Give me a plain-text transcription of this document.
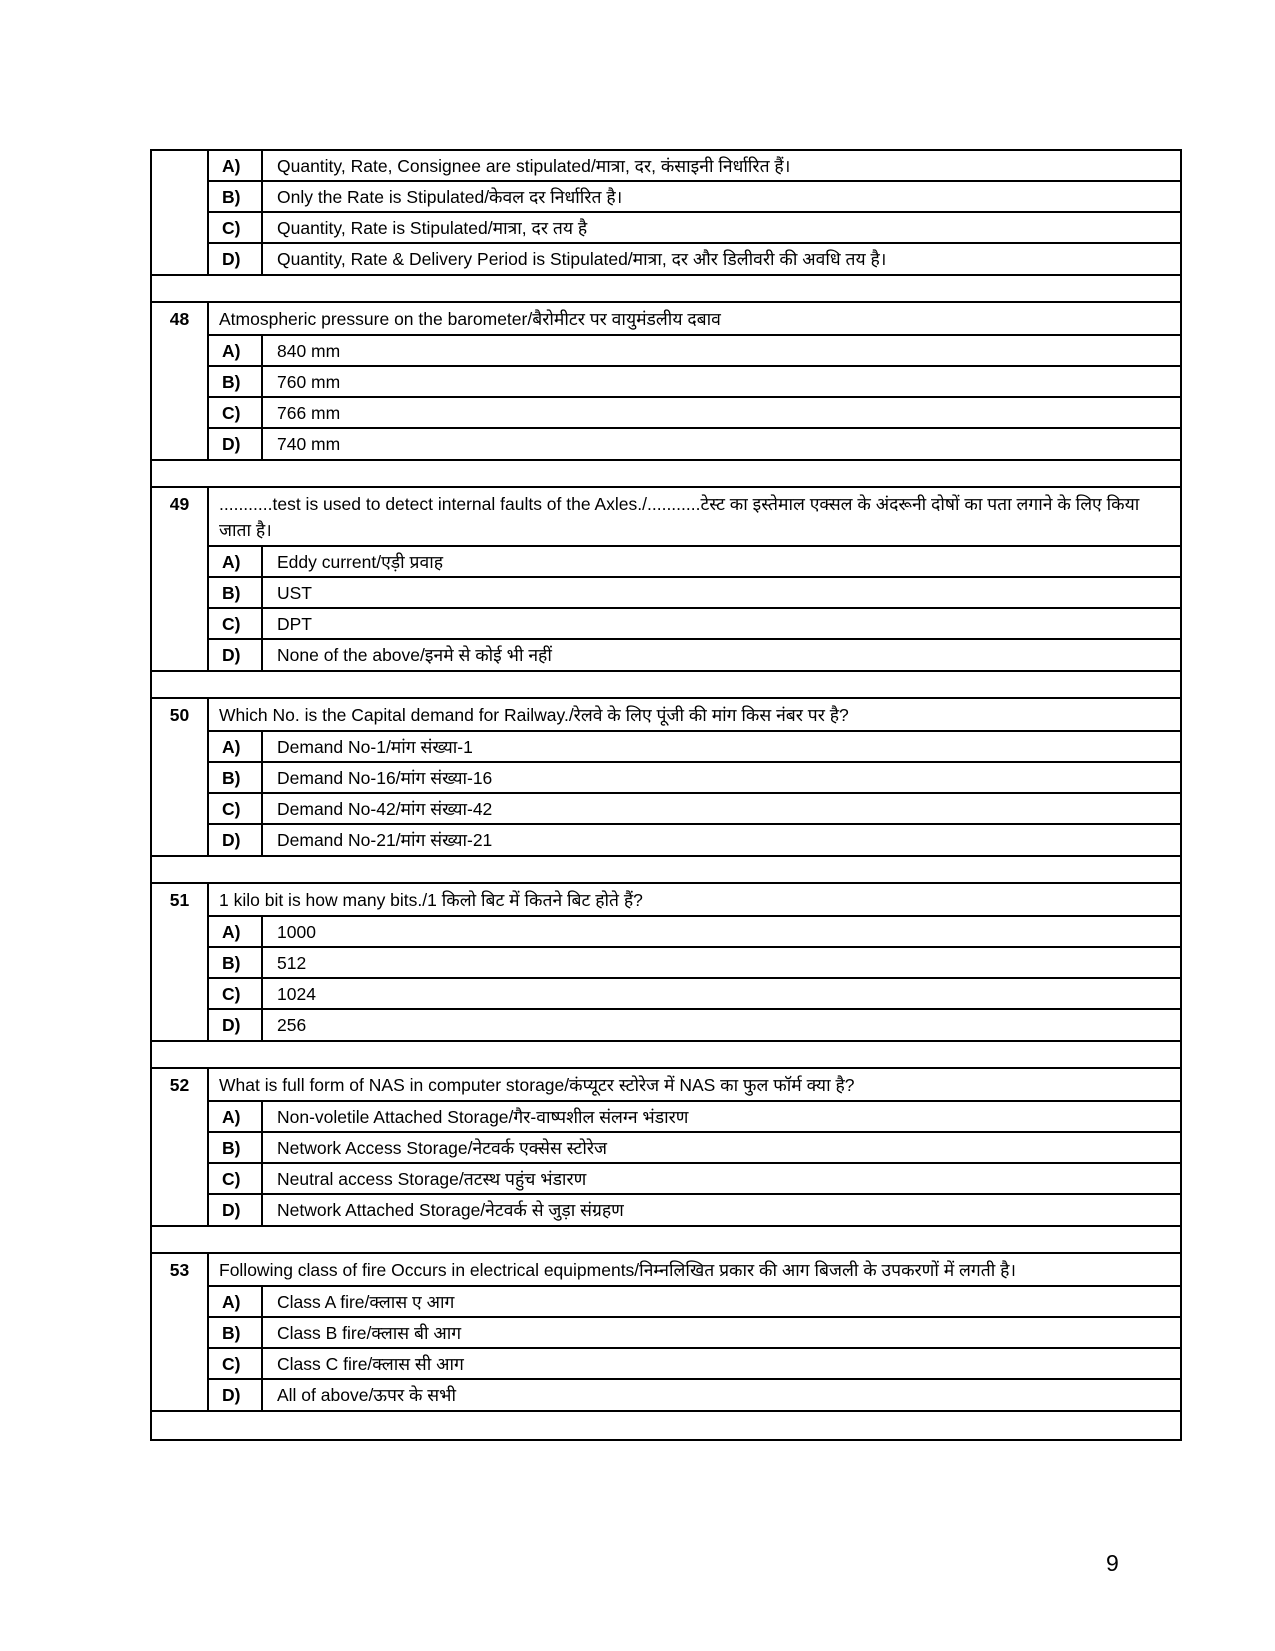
A)	Quantity, Rate, Consignee are stipulated/मात्रा, दर, कंसाइनी निर्धारित हैं।
B)	Only the Rate is Stipulated/केवल दर निर्धारित है।
C)	Quantity, Rate is Stipulated/मात्रा, दर तय है
D)	Quantity, Rate & Delivery Period is Stipulated/मात्रा, दर और डिलीवरी की अवधि तय है।
48	Atmospheric pressure on the barometer/बैरोमीटर पर वायुमंडलीय दबाव
A)	840 mm
B)	760 mm
C)	766 mm
D)	740 mm
49	...........test is used to detect internal faults of the Axles./...........टेस्ट का इस्तेमाल एक्सल के अंदरूनी दोषों का पता लगाने के लिए किया जाता है।
A)	Eddy current/एड़ी प्रवाह
B)	UST
C)	DPT
D)	None of the above/इनमे से कोई भी नहीं
50	Which No. is the Capital demand for Railway./रेलवे के लिए पूंजी की मांग किस नंबर पर है?
A)	Demand No-1/मांग संख्या-1
B)	Demand No-16/मांग संख्या-16
C)	Demand No-42/मांग संख्या-42
D)	Demand No-21/मांग संख्या-21
51	1 kilo bit is how many bits./1 किलो बिट में कितने बिट होते हैं?
A)	1000
B)	512
C)	1024
D)	256
52	What is full form of NAS in computer storage/कंप्यूटर स्टोरेज में NAS का फुल फॉर्म क्या है?
A)	Non-voletile Attached Storage/गैर-वाष्पशील संलग्न भंडारण
B)	Network Access Storage/नेटवर्क एक्सेस स्टोरेज
C)	Neutral access Storage/तटस्थ पहुंच भंडारण
D)	Network Attached Storage/नेटवर्क से जुड़ा संग्रहण
53	Following class of fire Occurs in electrical equipments/निम्नलिखित प्रकार की आग बिजली के उपकरणों में लगती है।
A)	Class A fire/क्लास ए आग
B)	Class B fire/क्लास बी आग
C)	Class C fire/क्लास सी आग
D)	All of above/ऊपर के सभी
9
